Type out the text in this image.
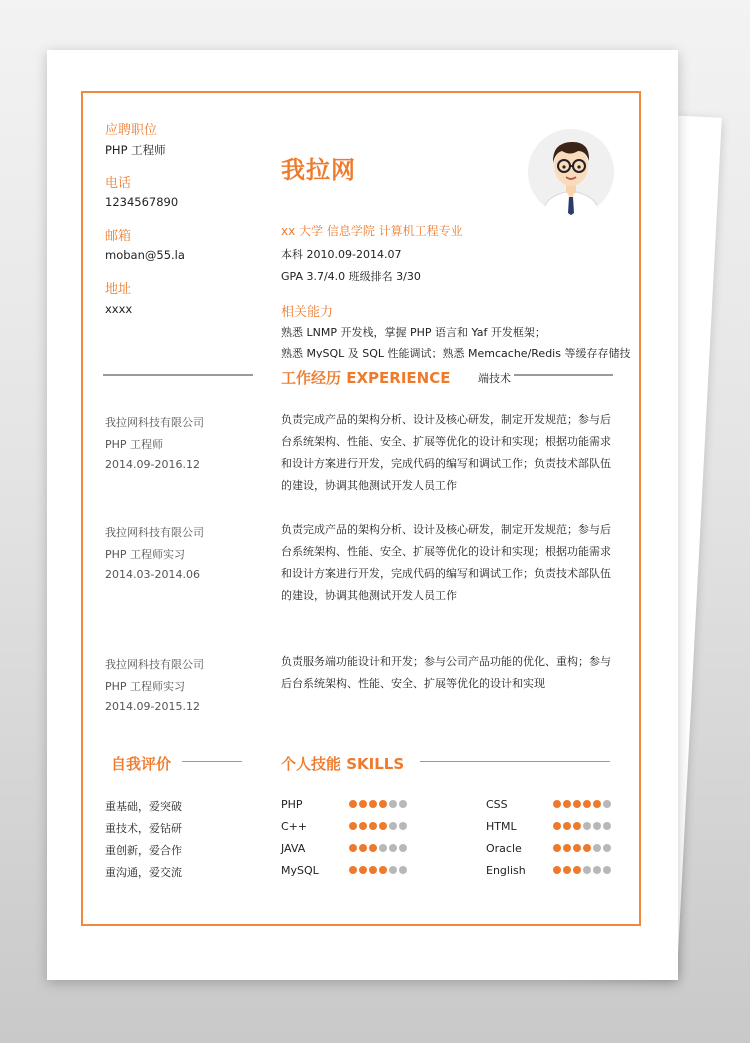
应聘职位
PHP 工程师
电话
1234567890
邮箱
moban@55.la
地址
xxxx
我拉网
xx 大学 信息学院 计算机工程专业
本科 2010.09-2014.07
GPA 3.7/4.0 班级排名 3/30
相关能力
熟悉 LNMP 开发栈，掌握 PHP 语言和 Yaf 开发框架；
熟悉 MySQL 及 SQL 性能调试；熟悉 Memcache/Redis 等缓存存储技
工作经历 EXPERIENCE	端技术
我拉网科技有限公司
PHP 工程师
2014.09-2016.12
负责完成产品的架构分析、设计及核心研发，制定开发规范；参与后台系统架构、性能、安全、扩展等优化的设计和实现；根据功能需求和设计方案进行开发，完成代码的编写和调试工作；负责技术部队伍的建设，协调其他测试开发人员工作
我拉网科技有限公司
PHP 工程师实习
2014.03-2014.06
负责完成产品的架构分析、设计及核心研发，制定开发规范；参与后台系统架构、性能、安全、扩展等优化的设计和实现；根据功能需求和设计方案进行开发，完成代码的编写和调试工作；负责技术部队伍的建设，协调其他测试开发人员工作
我拉网科技有限公司
PHP 工程师实习
2014.09-2015.12
负责服务端功能设计和开发；参与公司产品功能的优化、重构；参与后台系统架构、性能、安全、扩展等优化的设计和实现
自我评价
重基础，爱突破
重技术，爱钻研
重创新，爱合作
重沟通，爱交流
个人技能 SKILLS
PHP
C++
JAVA
MySQL
CSS
HTML
Oracle
English
